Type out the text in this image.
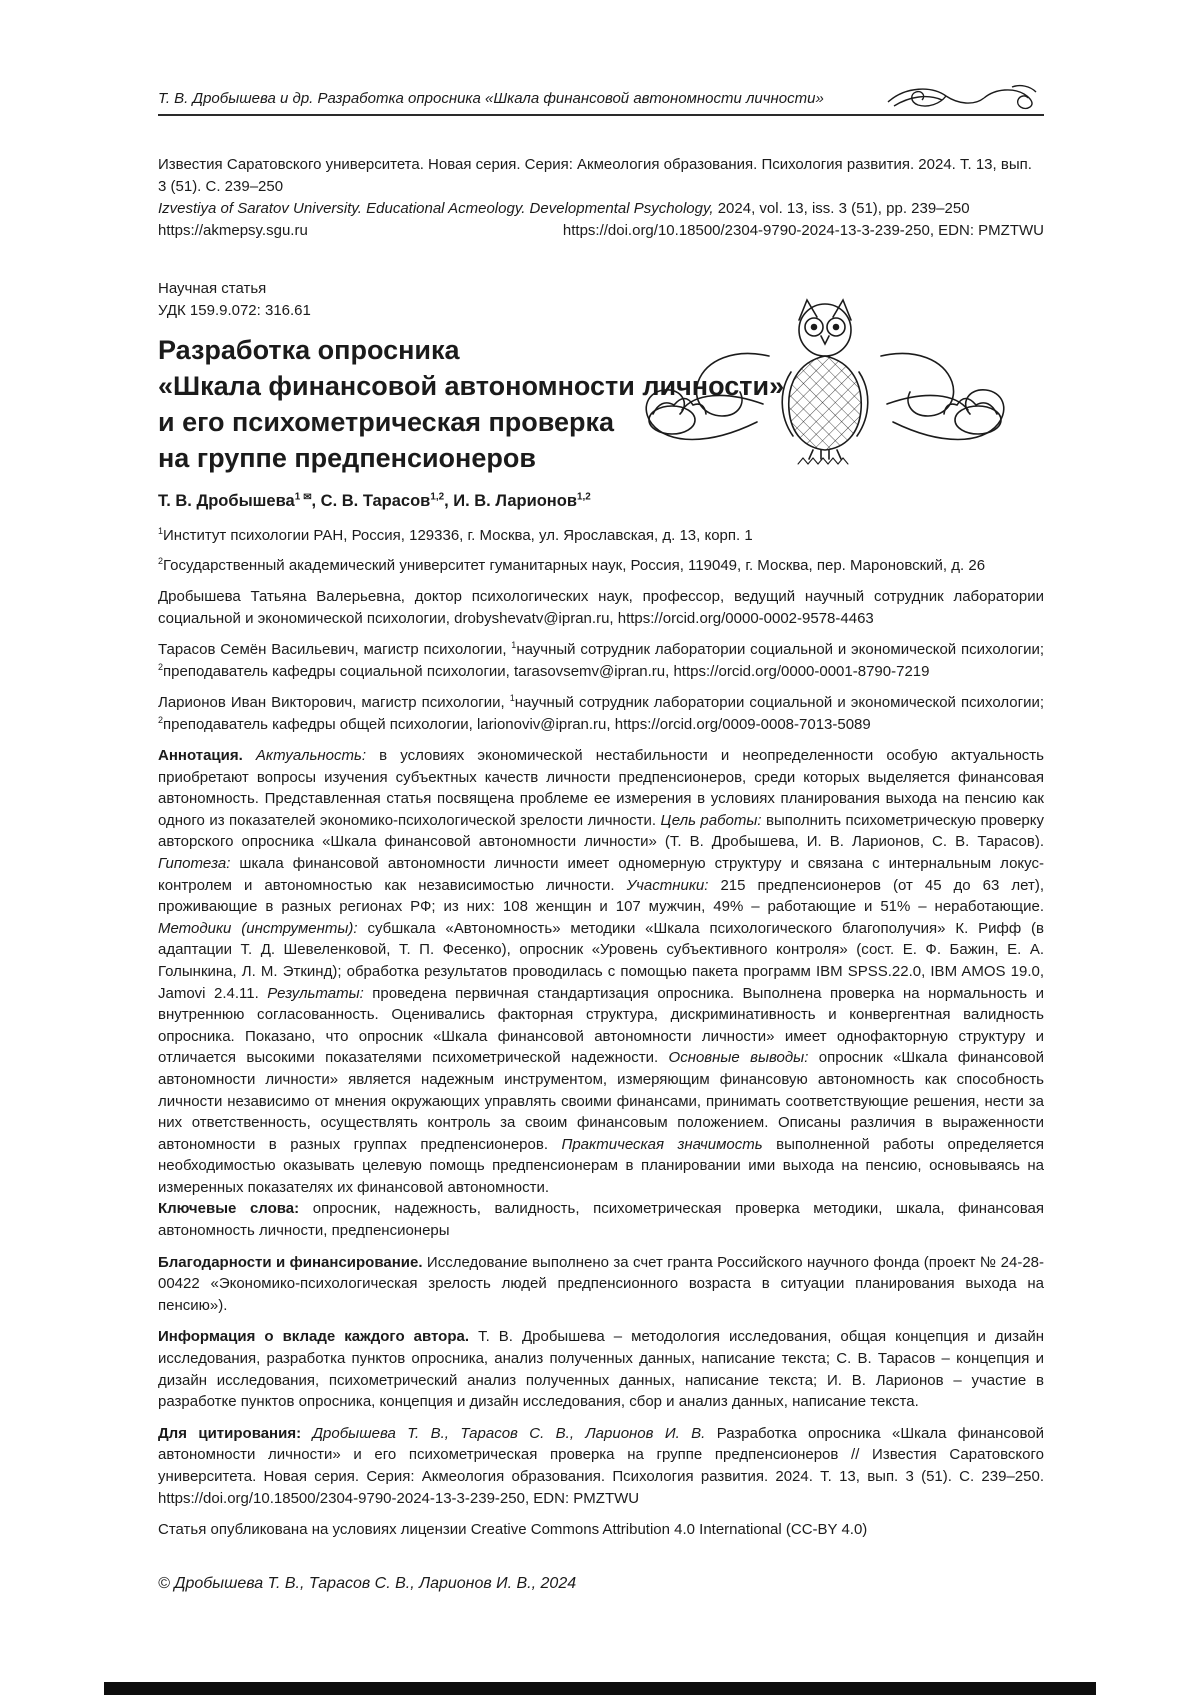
Т. В. Дробышева и др. Разработка опросника «Шкала финансовой автономности личности»

Известия Саратовского университета. Новая серия. Серия: Акмеология образования. Психология развития. 2024. Т. 13, вып. 3 (51). С. 239–250

Izvestiya of Saratov University. Educational Acmeology. Developmental Psychology, 2024, vol. 13, iss. 3 (51), pp. 239–250

https://akmepsy.sgu.ru	https://doi.org/10.18500/2304-9790-2024-13-3-239-250, EDN: PMZTWU

Научная статья

УДК 159.9.072: 316.61

Разработка опросника
«Шкала финансовой автономности личности»
и его психометрическая проверка
на группе предпенсионеров

Т. В. Дробышева$^1$ ✉, С. В. Тарасов$^{1,2}$, И. В. Ларионов$^{1,2}$

$^1$Институт психологии РАН, Россия, 129336, г. Москва, ул. Ярославская, д. 13, корп. 1

$^2$Государственный академический университет гуманитарных наук, Россия, 119049, г. Москва, пер. Мароновский, д. 26

Дробышева Татьяна Валерьевна, доктор психологических наук, профессор, ведущий научный сотрудник лаборатории социальной и экономической психологии, drobyshevatv@ipran.ru, https://orcid.org/0000-0002-9578-4463

Тарасов Семён Васильевич, магистр психологии, $^1$научный сотрудник лаборатории социальной и экономической психологии; $^2$преподаватель кафедры социальной психологии, tarasovsemv@ipran.ru, https://orcid.org/0000-0001-8790-7219

Ларионов Иван Викторович, магистр психологии, $^1$научный сотрудник лаборатории социальной и экономической психологии; $^2$преподаватель кафедры общей психологии, larionoviv@ipran.ru, https://orcid.org/0009-0008-7013-5089

Аннотация. Актуальность: в условиях экономической нестабильности и неопределенности особую актуальность приобретают вопросы изучения субъектных качеств личности предпенсионеров, среди которых выделяется финансовая автономность. Представленная статья посвящена проблеме ее измерения в условиях планирования выхода на пенсию как одного из показателей экономико-психологической зрелости личности. Цель работы: выполнить психометрическую проверку авторского опросника «Шкала финансовой автономности личности» (Т. В. Дробышева, И. В. Ларионов, С. В. Тарасов). Гипотеза: шкала финансовой автономности личности имеет одномерную структуру и связана с интернальным локус-контролем и автономностью как независимостью личности. Участники: 215 предпенсионеров (от 45 до 63 лет), проживающие в разных регионах РФ; из них: 108 женщин и 107 мужчин, 49% – работающие и 51% – неработающие. Методики (инструменты): субшкала «Автономность» методики «Шкала психологического благополучия» К. Рифф (в адаптации Т. Д. Шевеленковой, Т. П. Фесенко), опросник «Уровень субъективного контроля» (сост. Е. Ф. Бажин, Е. А. Голынкина, Л. М. Эткинд); обработка результатов проводилась с помощью пакета программ IBM SPSS.22.0, IBM AMOS 19.0, Jamovi 2.4.11. Результаты: проведена первичная стандартизация опросника. Выполнена проверка на нормальность и внутреннюю согласованность. Оценивались факторная структура, дискриминативность и конвергентная валидность опросника. Показано, что опросник «Шкала финансовой автономности личности» имеет однофакторную структуру и отличается высокими показателями психометрической надежности. Основные выводы: опросник «Шкала финансовой автономности личности» является надежным инструментом, измеряющим финансовую автономность как способность личности независимо от мнения окружающих управлять своими финансами, принимать соответствующие решения, нести за них ответственность, осуществлять контроль за своим финансовым положением. Описаны различия в выраженности автономности в разных группах предпенсионеров. Практическая значимость выполненной работы определяется необходимостью оказывать целевую помощь предпенсионерам в планировании ими выхода на пенсию, основываясь на измеренных показателях их финансовой автономности.

Ключевые слова: опросник, надежность, валидность, психометрическая проверка методики, шкала, финансовая автономность личности, предпенсионеры

Благодарности и финансирование. Исследование выполнено за счет гранта Российского научного фонда (проект № 24-28-00422 «Экономико-психологическая зрелость людей предпенсионного возраста в ситуации планирования выхода на пенсию»).

Информация о вкладе каждого автора. Т. В. Дробышева – методология исследования, общая концепция и дизайн исследования, разработка пунктов опросника, анализ полученных данных, написание текста; С. В. Тарасов – концепция и дизайн исследования, психометрический анализ полученных данных, написание текста; И. В. Ларионов – участие в разработке пунктов опросника, концепция и дизайн исследования, сбор и анализ данных, написание текста.

Для цитирования: Дробышева Т. В., Тарасов С. В., Ларионов И. В. Разработка опросника «Шкала финансовой автономности личности» и его психометрическая проверка на группе предпенсионеров // Известия Саратовского университета. Новая серия. Серия: Акмеология образования. Психология развития. 2024. Т. 13, вып. 3 (51). С. 239–250. https://doi.org/10.18500/2304-9790-2024-13-3-239-250, EDN: PMZTWU

Статья опубликована на условиях лицензии Creative Commons Attribution 4.0 International (CC-BY 4.0)

© Дробышева Т. В., Тарасов С. В., Ларионов И. В., 2024
